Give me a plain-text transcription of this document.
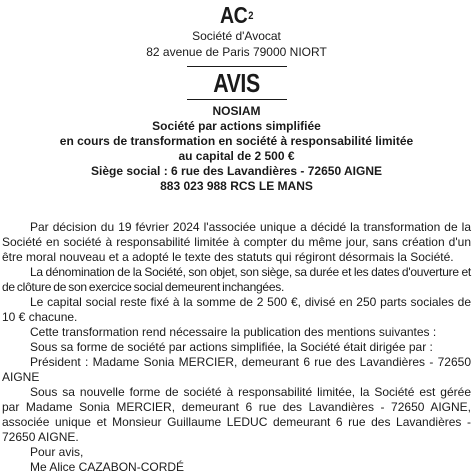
$AC^2$
Société d'Avocat
82 avenue de Paris 79000 NIORT
AVIS
NOSIAM
Société par actions simplifiée
en cours de transformation en société à responsabilité limitée
au capital de 2 500 €
Siège social : 6 rue des Lavandières - 72650 AIGNE
883 023 988 RCS LE MANS

Par décision du 19 février 2024 l'associée unique a décidé la transformation de la Société en société à responsabilité limitée à compter du même jour, sans création d'un être moral nouveau et a adopté le texte des statuts qui régiront désormais la Société.

La dénomination de la Société, son objet, son siège, sa durée et les dates d'ouverture et de clôture de son exercice social demeurent inchangées.

Le capital social reste fixé à la somme de 2 500 €, divisé en 250 parts sociales de 10 € chacune.

Cette transformation rend nécessaire la publication des mentions suivantes :

Sous sa forme de société par actions simplifiée, la Société était dirigée par :

Président : Madame Sonia MERCIER, demeurant 6 rue des Lavandières - 72650 AIGNE

Sous sa nouvelle forme de société à responsabilité limitée, la Société est gérée par Madame Sonia MERCIER, demeurant 6 rue des Lavandières - 72650 AIGNE, associée unique et Monsieur Guillaume LEDUC demeurant 6 rue des Lavandières - 72650 AIGNE.

Pour avis,

Me Alice CAZABON-CORDÉ
